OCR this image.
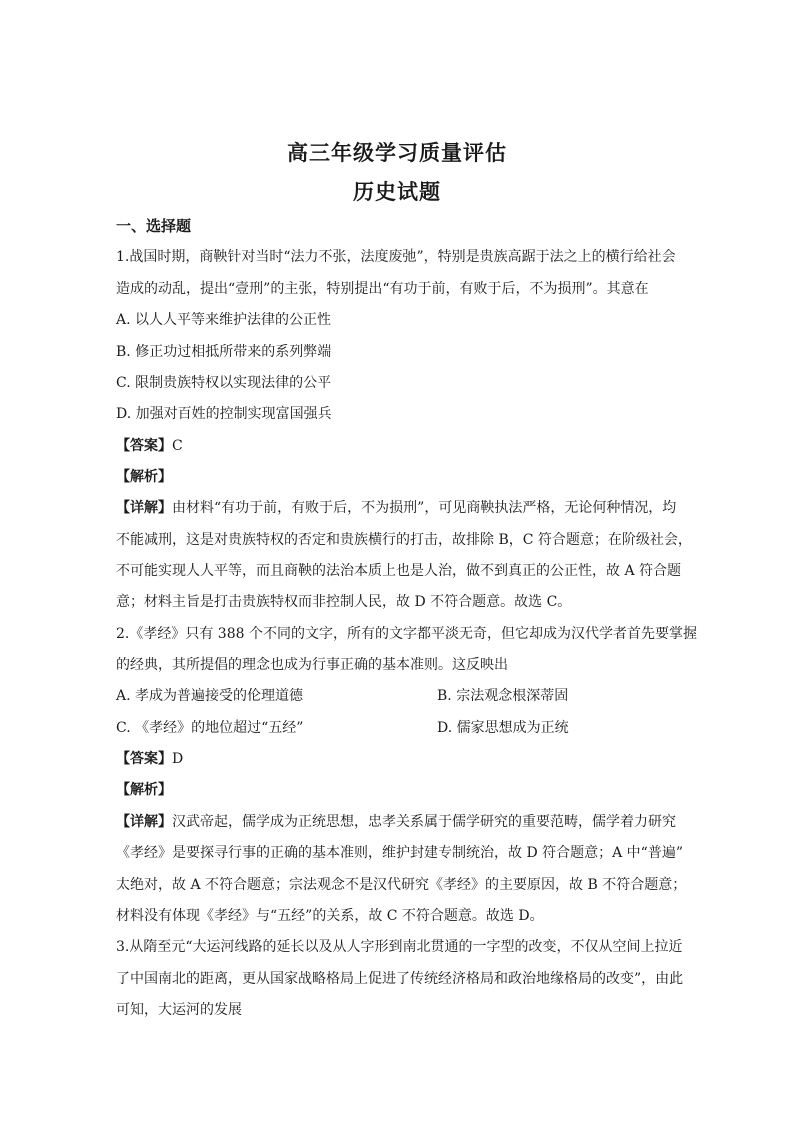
高三年级学习质量评估
历史试题
一、选择题
1.战国时期，商鞅针对当时“法力不张，法度废弛”，特别是贵族高踞于法之上的横行给社会
造成的动乱，提出“壹刑”的主张，特别提出“有功于前，有败于后，不为损刑”。其意在
A. 以人人平等来维护法律的公正性
B. 修正功过相抵所带来的系列弊端
C. 限制贵族特权以实现法律的公平
D. 加强对百姓的控制实现富国强兵
【答案】C
【解析】
【详解】由材料“有功于前，有败于后，不为损刑”，可见商鞅执法严格，无论何种情况，均
不能减刑，这是对贵族特权的否定和贵族横行的打击，故排除 B，C 符合题意；在阶级社会，
不可能实现人人平等，而且商鞅的法治本质上也是人治，做不到真正的公正性，故 A 符合题
意；材料主旨是打击贵族特权而非控制人民，故 D 不符合题意。故选 C。
2.《孝经》只有 388 个不同的文字，所有的文字都平淡无奇，但它却成为汉代学者首先要掌握
的经典，其所提倡的理念也成为行事正确的基本准则。这反映出
A. 孝成为普遍接受的伦理道德	B. 宗法观念根深蒂固
C. 《孝经》的地位超过“五经”	D. 儒家思想成为正统
【答案】D
【解析】
【详解】汉武帝起，儒学成为正统思想，忠孝关系属于儒学研究的重要范畴，儒学着力研究
《孝经》是要探寻行事的正确的基本准则，维护封建专制统治，故 D 符合题意；A 中“普遍”
太绝对，故 A 不符合题意；宗法观念不是汉代研究《孝经》的主要原因，故 B 不符合题意；
材料没有体现《孝经》与“五经”的关系，故 C 不符合题意。故选 D。
3.从隋至元“大运河线路的延长以及从人字形到南北贯通的一字型的改变，不仅从空间上拉近
了中国南北的距离，更从国家战略格局上促进了传统经济格局和政治地缘格局的改变”，由此
可知，大运河的发展
